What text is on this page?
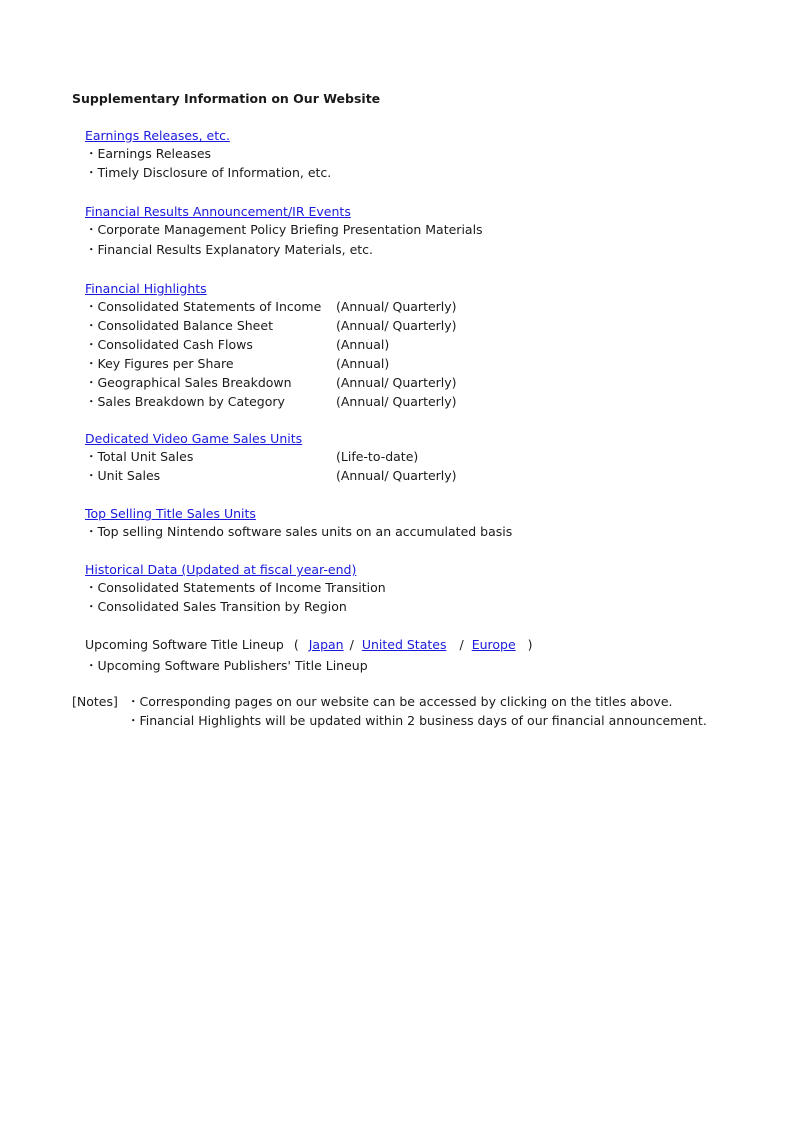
Supplementary Information on Our Website
Earnings Releases, etc.
・Earnings Releases
・Timely Disclosure of Information, etc.
Financial Results Announcement/IR Events
・Corporate Management Policy Briefing Presentation Materials
・Financial Results Explanatory Materials, etc.
Financial Highlights
・Consolidated Statements of Income	(Annual/ Quarterly)
・Consolidated Balance Sheet	(Annual/ Quarterly)
・Consolidated Cash Flows	(Annual)
・Key Figures per Share	(Annual)
・Geographical Sales Breakdown	(Annual/ Quarterly)
・Sales Breakdown by Category	(Annual/ Quarterly)
Dedicated Video Game Sales Units
・Total Unit Sales	(Life-to-date)
・Unit Sales	(Annual/ Quarterly)
Top Selling Title Sales Units
・Top selling Nintendo software sales units on an accumulated basis
Historical Data (Updated at fiscal year-end)
・Consolidated Statements of Income Transition
・Consolidated Sales Transition by Region
Upcoming Software Title Lineup ( Japan / United States / Europe )
・Upcoming Software Publishers' Title Lineup
[Notes] ・Corresponding pages on our website can be accessed by clicking on the titles above.
・Financial Highlights will be updated within 2 business days of our financial announcement.
